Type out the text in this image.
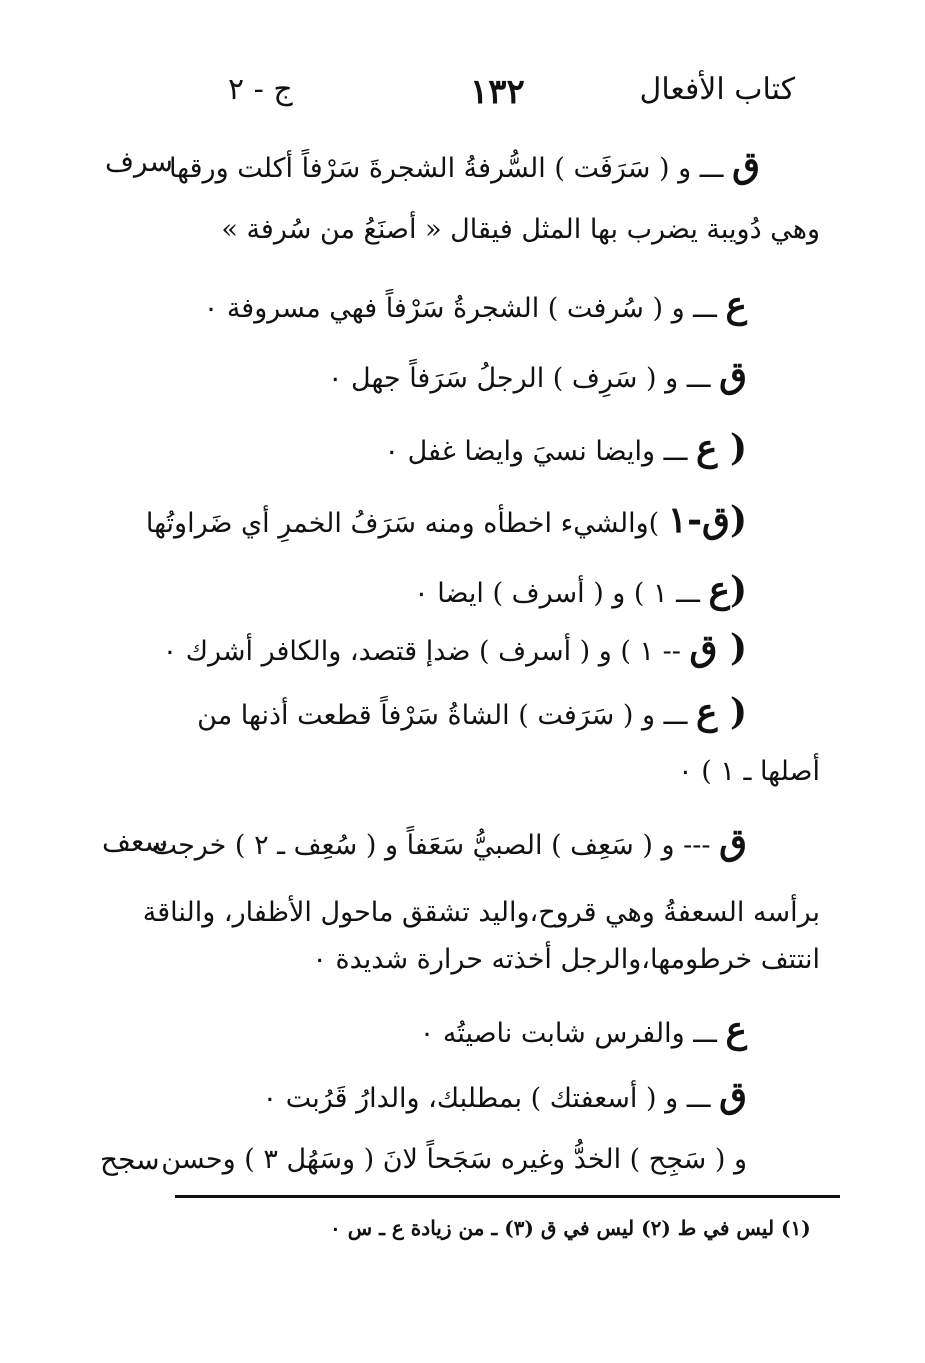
كتاب الأفعال
١٣٢
ج - ٢
سرف
سعف
سجح
ق ـــ و ( سَرَفَت ) السُّرفةُ الشجرةَ سَرْفاً أكلت ورقها
وهي دُويبة يضرب بها المثل فيقال « أصنَعُ من سُرفة »
ع ـــ و ( سُرفت ) الشجرةُ سَرْفاً فهي مسروفة ٠
ق ـــ و ( سَرِف ) الرجلُ سَرَفاً جهل ٠
( ع ـــ وايضا نسيَ وايضا غفل ٠
(ق-١ )والشيء اخطأه ومنه سَرَفُ الخمرِ أي ضَراوتُها
(ع ـــ ١ ) و ( أسرف ) ايضا ٠
( ق -- ١ ) و ( أسرف ) ضدإ قتصد، والكافر أشرك ٠
( ع ـــ و ( سَرَفت ) الشاةُ سَرْفاً قطعت أذنها من
أصلها ـ ١ ) ٠
ق --- و ( سَعِف ) الصبيُّ سَعَفاً و ( سُعِف ـ ٢ ) خرجت
برأسه السعفةُ وهي قروح،واليد تشقق ماحول الأظفار، والناقة
انتتف خرطومها،والرجل أخذته حرارة شديدة ٠
ع ـــ والفرس شابت ناصيتُه ٠
ق ـــ و ( أسعفتك ) بمطلبك، والدارُ قَرُبت ٠
و ( سَجِح ) الخدُّ وغيره سَجَحاً لانَ ( وسَهُل ٣ ) وحسن
(١) ليس في ط (٢) ليس في ق (٣) ـ من زيادة ع ـ س ٠
